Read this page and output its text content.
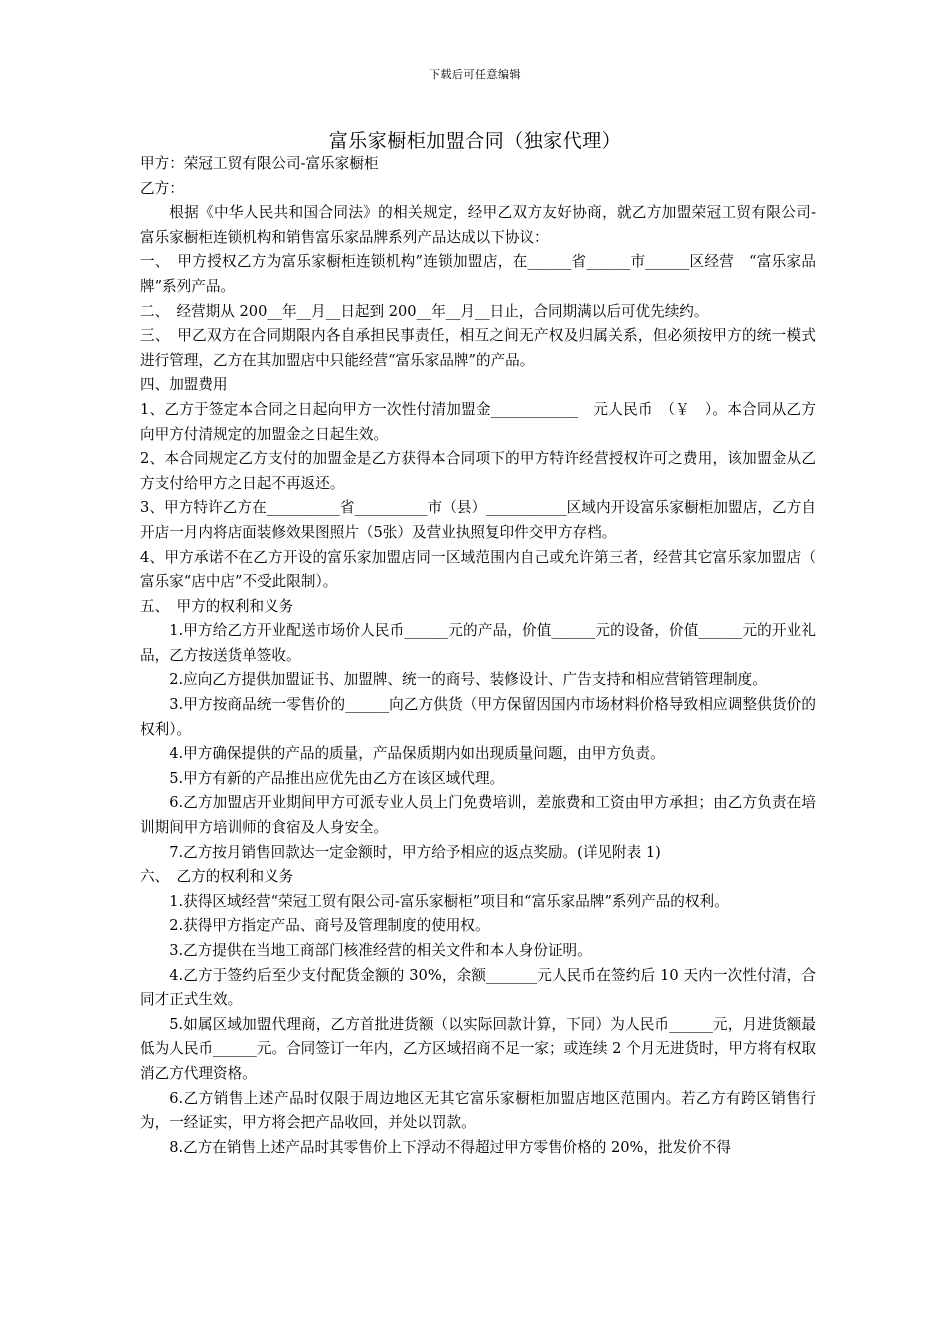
下载后可任意编辑
富乐家橱柜加盟合同（独家代理）

甲方：荣冠工贸有限公司-富乐家橱柜

乙方：

根据《中华人民共和国合同法》的相关规定，经甲乙双方友好协商，就乙方加盟荣冠工贸有限公司-富乐家橱柜连锁机构和销售富乐家品牌系列产品达成以下协议：

一、　甲方授权乙方为富乐家橱柜连锁机构”连锁加盟店，在______省______市______区经营　“富乐家品牌”系列产品。

二、　经营期从 200__年__月__日起到 200__年__月__日止，合同期满以后可优先续约。

三、　甲乙双方在合同期限内各自承担民事责任，相互之间无产权及归属关系，但必须按甲方的统一模式进行管理，乙方在其加盟店中只能经营“富乐家品牌”的产品。

四、加盟费用

1、乙方于签定本合同之日起向甲方一次性付清加盟金____________　元人民币　（￥　）。本合同从乙方向甲方付清规定的加盟金之日起生效。

2、本合同规定乙方支付的加盟金是乙方获得本合同项下的甲方特许经营授权许可之费用，该加盟金从乙方支付给甲方之日起不再返还。

3、甲方特许乙方在__________省__________市（县）___________区域内开设富乐家橱柜加盟店，乙方自开店一月内将店面装修效果图照片（5张）及营业执照复印件交甲方存档。

4、甲方承诺不在乙方开设的富乐家加盟店同一区域范围内自己或允许第三者，经营其它富乐家加盟店（　富乐家“店中店”不受此限制）。

五、　甲方的权利和义务

1.甲方给乙方开业配送市场价人民币______元的产品，价值______元的设备，价值______元的开业礼品，乙方按送货单签收。

2.应向乙方提供加盟证书、加盟牌、统一的商号、装修设计、广告支持和相应营销管理制度。

3.甲方按商品统一零售价的______向乙方供货（甲方保留因国内市场材料价格导致相应调整供货价的权利）。

4.甲方确保提供的产品的质量，产品保质期内如出现质量问题，由甲方负责。

5.甲方有新的产品推出应优先由乙方在该区域代理。

6.乙方加盟店开业期间甲方可派专业人员上门免费培训，差旅费和工资由甲方承担；由乙方负责在培训期间甲方培训师的食宿及人身安全。

7.乙方按月销售回款达一定金额时，甲方给予相应的返点奖励。(详见附表 1)

六、　乙方的权利和义务

1.获得区域经营“荣冠工贸有限公司-富乐家橱柜”项目和“富乐家品牌”系列产品的权利。

2.获得甲方指定产品、商号及管理制度的使用权。

3.乙方提供在当地工商部门核准经营的相关文件和本人身份证明。

4.乙方于签约后至少支付配货金额的 30%，余额_______元人民币在签约后 10 天内一次性付清，合同才正式生效。

5.如属区域加盟代理商，乙方首批进货额（以实际回款计算，下同）为人民币______元，月进货额最低为人民币______元。合同签订一年内，乙方区域招商不足一家；或连续 2 个月无进货时，甲方将有权取消乙方代理资格。

6.乙方销售上述产品时仅限于周边地区无其它富乐家橱柜加盟店地区范围内。若乙方有跨区销售行为，一经证实，甲方将会把产品收回，并处以罚款。

8.乙方在销售上述产品时其零售价上下浮动不得超过甲方零售价格的 20%，批发价不得
